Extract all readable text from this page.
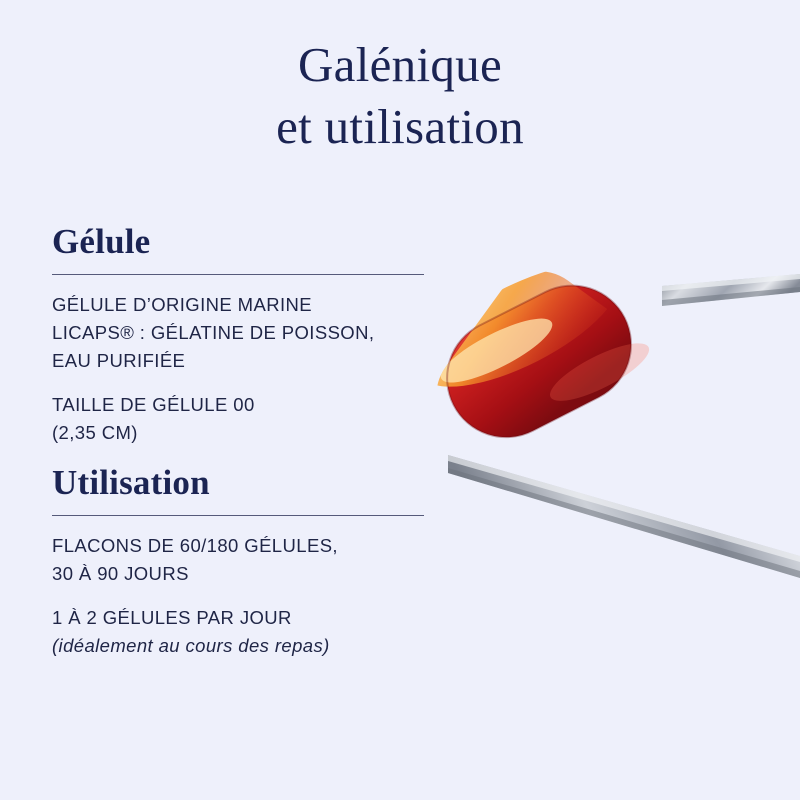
Galénique
et utilisation
Gélule

GÉLULE D’ORIGINE MARINE
LICAPS® : GÉLATINE DE POISSON,
EAU PURIFIÉE

TAILLE DE GÉLULE 00
(2,35 CM)

Utilisation

FLACONS DE 60/180 GÉLULES,
30 À 90 JOURS

1 À 2 GÉLULES PAR JOUR
(idéalement au cours des repas)
